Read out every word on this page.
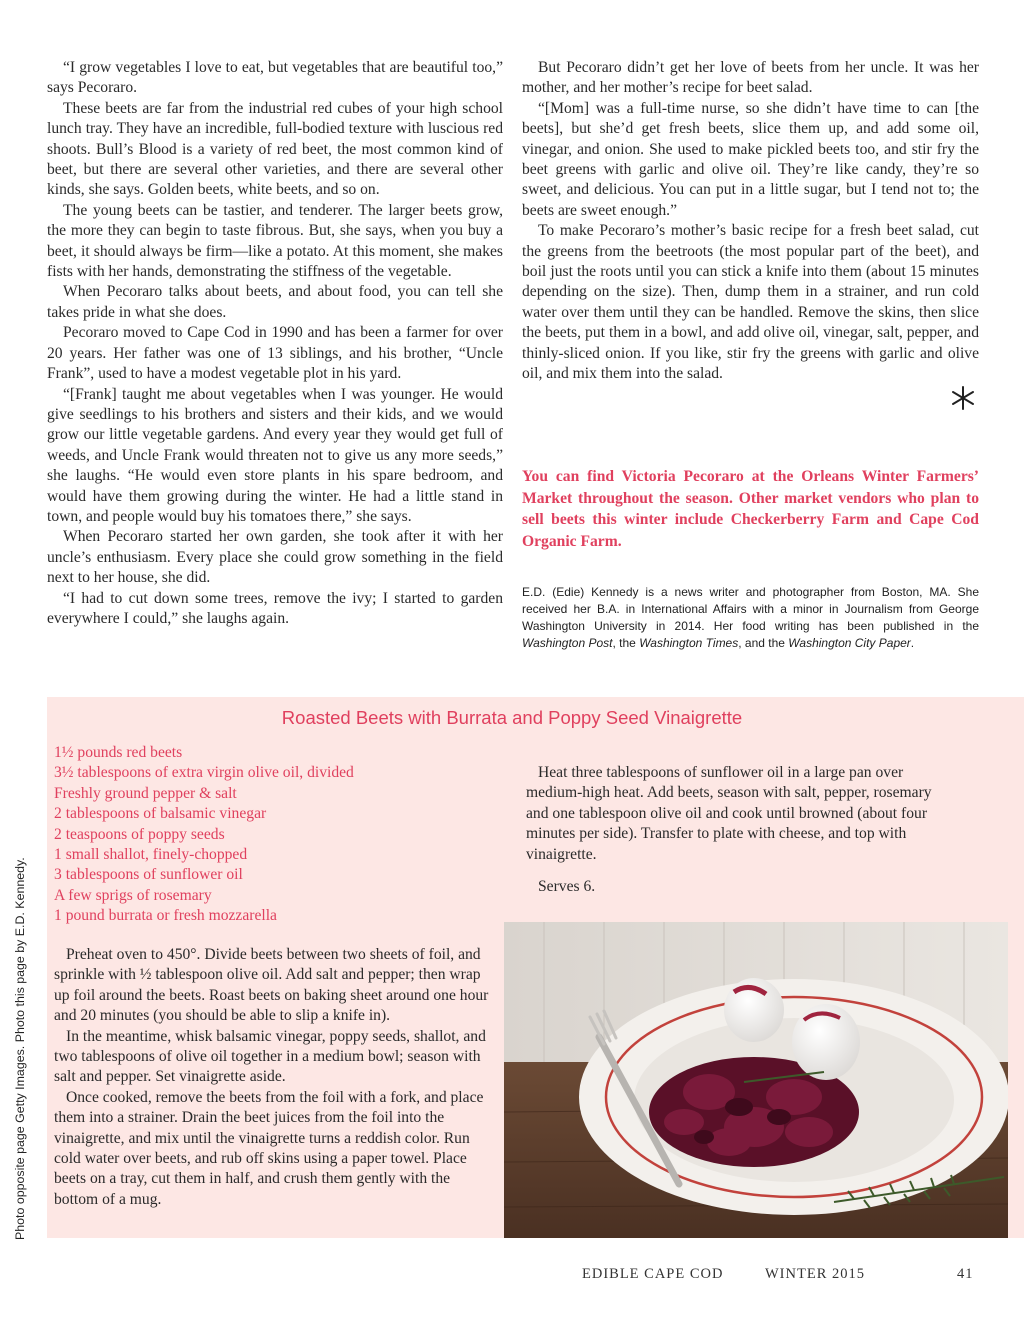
“I grow vegetables I love to eat, but vegetables that are beautiful too,” says Pecoraro.

These beets are far from the industrial red cubes of your high school lunch tray. They have an incredible, full-bodied texture with luscious red shoots. Bull’s Blood is a variety of red beet, the most common kind of beet, but there are several other varieties, and there are several other kinds, she says. Golden beets, white beets, and so on.

The young beets can be tastier, and tenderer. The larger beets grow, the more they can begin to taste fibrous. But, she says, when you buy a beet, it should always be firm—like a potato. At this moment, she makes fists with her hands, demonstrating the stiffness of the vegetable.

When Pecoraro talks about beets, and about food, you can tell she takes pride in what she does.

Pecoraro moved to Cape Cod in 1990 and has been a farmer for over 20 years. Her father was one of 13 siblings, and his brother, “Uncle Frank”, used to have a modest vegetable plot in his yard.

“[Frank] taught me about vegetables when I was younger. He would give seedlings to his brothers and sisters and their kids, and we would grow our little vegetable gardens. And every year they would get full of weeds, and Uncle Frank would threaten not to give us any more seeds,” she laughs. “He would even store plants in his spare bedroom, and would have them growing during the winter. He had a little stand in town, and people would buy his tomatoes there,” she says.

When Pecoraro started her own garden, she took after it with her uncle’s enthusiasm. Every place she could grow something in the field next to her house, she did.

“I had to cut down some trees, remove the ivy; I started to garden everywhere I could,” she laughs again.

But Pecoraro didn’t get her love of beets from her uncle. It was her mother, and her mother’s recipe for beet salad.

“[Mom] was a full-time nurse, so she didn’t have time to can [the beets], but she’d get fresh beets, slice them up, and add some oil, vinegar, and onion. She used to make pickled beets too, and stir fry the beet greens with garlic and olive oil. They’re like candy, they’re so sweet, and delicious. You can put in a little sugar, but I tend not to; the beets are sweet enough.”

To make Pecoraro’s mother’s basic recipe for a fresh beet salad, cut the greens from the beetroots (the most popular part of the beet), and boil just the roots until you can stick a knife into them (about 15 minutes depending on the size). Then, dump them in a strainer, and run cold water over them until they can be handled. Remove the skins, then slice the beets, put them in a bowl, and add olive oil, vinegar, salt, pepper, and thinly-sliced onion. If you like, stir fry the greens with garlic and olive oil, and mix them into the salad.

You can find Victoria Pecoraro at the Orleans Winter Farmers’ Market throughout the season. Other market vendors who plan to sell beets this winter include Checkerberry Farm and Cape Cod Organic Farm.
E.D. (Edie) Kennedy is a news writer and photographer from Boston, MA. She received her B.A. in International Affairs with a minor in Journalism from George Washington University in 2014. Her food writing has been published in the Washington Post, the Washington Times, and the Washington City Paper.
Photo opposite page Getty Images. Photo this page by E.D. Kennedy.
Roasted Beets with Burrata and Poppy Seed Vinaigrette
1½ pounds red beets
3½ tablespoons of extra virgin olive oil, divided
Freshly ground pepper & salt
2 tablespoons of balsamic vinegar
2 teaspoons of poppy seeds
1 small shallot, finely-chopped
3 tablespoons of sunflower oil
A few sprigs of rosemary
1 pound burrata or fresh mozzarella

Preheat oven to 450°. Divide beets between two sheets of foil, and sprinkle with ½ tablespoon olive oil. Add salt and pepper; then wrap up foil around the beets. Roast beets on baking sheet around one hour and 20 minutes (you should be able to slip a knife in).

In the meantime, whisk balsamic vinegar, poppy seeds, shallot, and two tablespoons of olive oil together in a medium bowl; season with salt and pepper. Set vinaigrette aside.

Once cooked, remove the beets from the foil with a fork, and place them into a strainer. Drain the beet juices from the foil into the vinaigrette, and mix until the vinaigrette turns a reddish color. Run cold water over beets, and rub off skins using a paper towel. Place beets on a tray, cut them in half, and crush them gently with the bottom of a mug.

Heat three tablespoons of sunflower oil in a large pan over medium-high heat. Add beets, season with salt, pepper, rosemary and one tablespoon olive oil and cook until browned (about four minutes per side). Transfer to plate with cheese, and top with vinaigrette.

Serves 6.

EDIBLE CAPE COD	WINTER 2015	41
